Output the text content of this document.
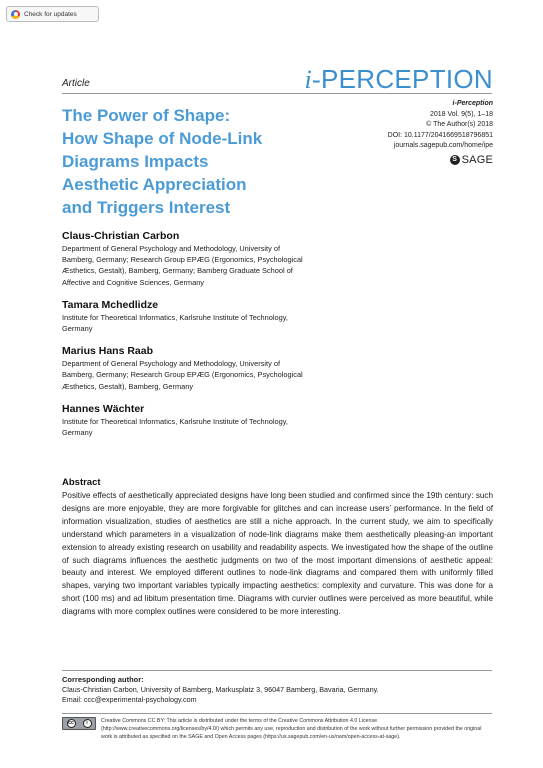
Check for updates
Article	i-PERCEPTION
The Power of Shape:
How Shape of Node-Link
Diagrams Impacts
Aesthetic Appreciation
and Triggers Interest
i-Perception
2018 Vol. 9(5), 1–18
© The Author(s) 2018
DOI: 10.1177/2041669518796851
journals.sagepub.com/home/ipe
S SAGE
Claus-Christian Carbon
Department of General Psychology and Methodology, University of
Bamberg, Germany; Research Group EPÆG (Ergonomics, Psychological
Æsthetics, Gestalt), Bamberg, Germany; Bamberg Graduate School of
Affective and Cognitive Sciences, Germany
Tamara Mchedlidze
Institute for Theoretical Informatics, Karlsruhe Institute of Technology,
Germany
Marius Hans Raab
Department of General Psychology and Methodology, University of
Bamberg, Germany; Research Group EPÆG (Ergonomics, Psychological
Æsthetics, Gestalt), Bamberg, Germany
Hannes Wächter
Institute for Theoretical Informatics, Karlsruhe Institute of Technology,
Germany
Abstract
Positive effects of aesthetically appreciated designs have long been studied and confirmed since the 19th century: such designs are more enjoyable, they are more forgivable for glitches and can increase users’ performance. In the field of information visualization, studies of aesthetics are still a niche approach. In the current study, we aim to specifically understand which parameters in a visualization of node-link diagrams make them aesthetically pleasing-an important extension to already existing research on usability and readability aspects. We investigated how the shape of the outline of such diagrams influences the aesthetic judgments on two of the most important dimensions of aesthetic appeal: beauty and interest. We employed different outlines to node-link diagrams and compared them with uniformly filled shapes, varying two important variables typically impacting aesthetics: complexity and curvature. This was done for a short (100 ms) and ad libitum presentation time. Diagrams with curvier outlines were perceived as more beautiful, while diagrams with more complex outlines were considered to be more interesting.
Corresponding author:
Claus-Christian Carbon, University of Bamberg, Markusplatz 3, 96047 Bamberg, Bavaria, Germany.
Email: ccc@experimental-psychology.com
cc	i	Creative Commons CC BY: This article is distributed under the terms of the Creative Commons Attribution 4.0 License (http://www.creativecommons.org/licenses/by/4.0/) which permits any use, reproduction and distribution of the work without further permission provided the original work is attributed as specified on the SAGE and Open Access pages (https://us.sagepub.com/en-us/nam/open-access-at-sage).
